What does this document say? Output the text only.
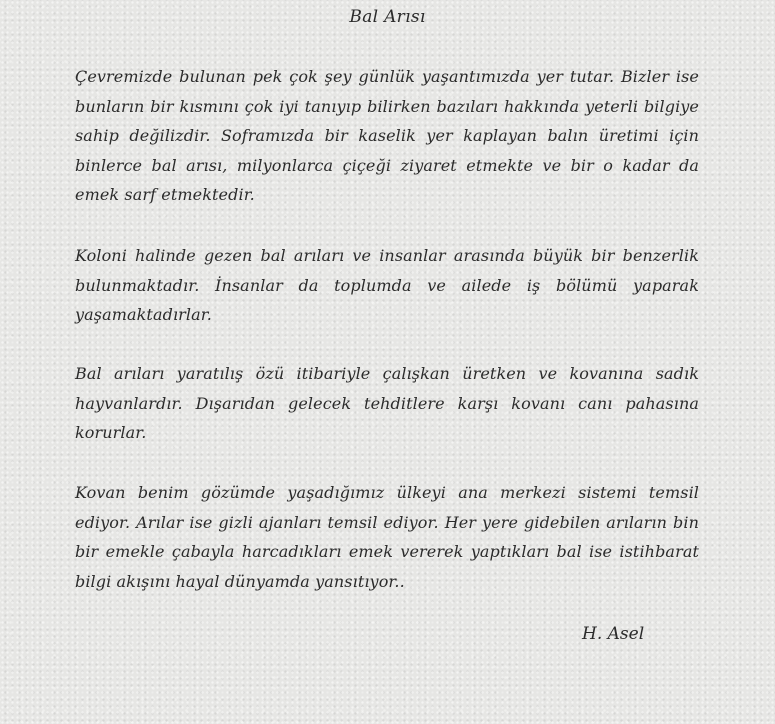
Bal Arısı

Çevremizde bulunan pek çok şey günlük yaşantımızda yer tutar. Bizler ise bunların bir kısmını çok iyi tanıyıp bilirken bazıları hakkında yeterli bilgiye sahip değilizdir. Soframızda bir kaselik yer kaplayan balın üretimi için binlerce bal arısı, milyonlarca çiçeği ziyaret etmekte ve bir o kadar da emek sarf etmektedir.

Koloni halinde gezen bal arıları ve insanlar arasında büyük bir benzerlik bulunmaktadır. İnsanlar da toplumda ve ailede iş bölümü yaparak yaşamaktadırlar.

Bal arıları yaratılış özü itibariyle çalışkan üretken ve kovanına sadık hayvanlardır. Dışarıdan gelecek tehditlere karşı kovanı canı pahasına korurlar.

Kovan benim gözümde yaşadığımız ülkeyi ana merkezi sistemi temsil ediyor. Arılar ise gizli ajanları temsil ediyor. Her yere gidebilen arıların bin bir emekle çabayla harcadıkları emek vererek yaptıkları bal ise istihbarat bilgi akışını hayal dünyamda yansıtıyor..

H. Asel
